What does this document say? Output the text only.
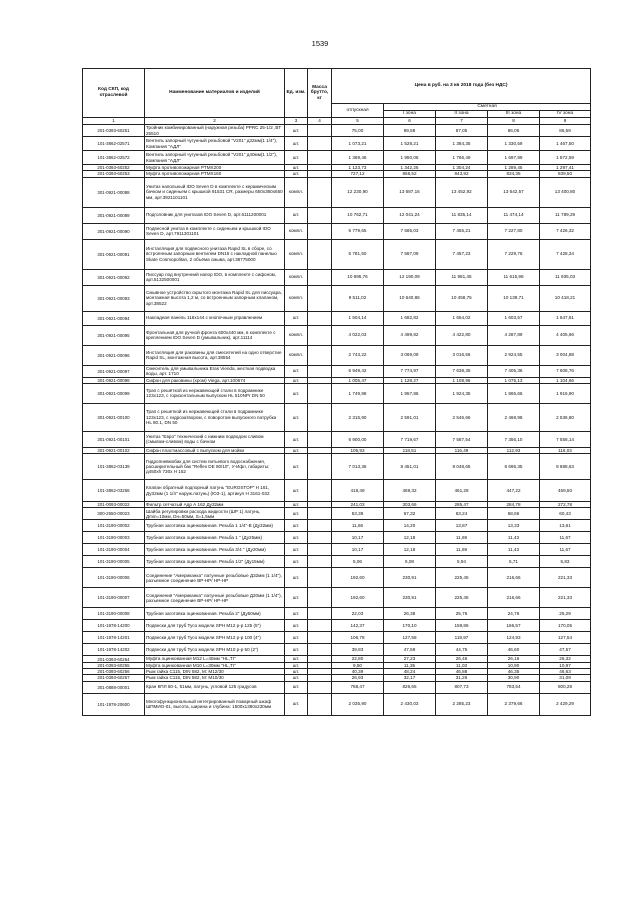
1539
Код СКП, код отраслевой	Наименование материалов и изделий	Ед. изм.	Масса брутто, кг	Цена в руб. на 3 кв 2018 года (без НДС)				
				отпускная	Сметная			
					I зона	II зона	III зона	IV зона
1	2	3	4	5	6	7	8	9
201-0393-60251	Тройник комбинированный (наружная резьба) PPRC 25-1/2 ,BT 25510	шт.		75,00	89,58	87,05	86,06	86,59
101-3862-02571	Вентиль запорный чугунный резьбовой "V201" д32мм(1 1/4"), Компания "АДЛ"	шт.		1 073,21	1 528,21	1 384,35	1 330,59	1 467,50
101-3862-02572	Вентиль запорный чугунный резьбовой "V201" д40мм(1 1/2"), Компания "АДЛ"	шт.		1 369,46	1 950,06	1 766,49	1 697,89	1 872,59
201-0393-60252	Муфта противопожарная PTMX200	шт.		1 123,73	1 342,25	1 304,24	1 289,45	1 297,41
201-0393-60253	Муфта противопожарная PTMX160	шт.		727,12	868,52	843,92	834,35	839,50
301-0921-00088	Унитаз напольный IDO Seven D в комплекте с керамическим бачком и сиденьем с крышкой 91531 CR, размеры 650x360x650 мм, арт.3921101101	компл.		12 230,90	13 687,16	13 452,92	13 642,57	13 400,80
301-0921-00089	Подголовник для унитазов IDO Seven D, арт.6111200001	шт.		10 762,71	12 041,24	11 835,14	11 474,14	11 789,29
301-0921-00090	Подвесной унитаз в комплекте с сиденьем и крышкой IDO Seven D, арт.7911301101	компл.		6 779,65	7 585,03	7 455,21	7 227,80	7 426,32
301-0921-00091	Инсталляция для подвесного унитаза Rapid SL в сборе, со встроенным запорным вентилем DN15 с накладной панелью Skate Cosmopolitan, 2 объёма смыва, арт.38775000	компл.		6 781,50	7 587,09	7 457,23	7 229,76	7 428,34
301-0921-00092	Писсуар под внутренний напор IDO, в комплекте с сифоном, арт.5132500001	компл.		10 895,76	12 190,09	11 981,45	11 615,98	11 935,03
301-0921-00093	Смывное устройство скрытого монтажа Rapid SL для писсуара, монтажная высота 1,2 м, со встроенным запорным клапаном, арт.38522	компл.		9 511,02	10 640,86	10 458,75	10 139,71	10 418,21
301-0921-00094	Накладная панель 116x144 с кнопочным управлением	шт.		1 504,14	1 682,82	1 654,02	1 603,57	1 647,61
301-0921-00095	Фронтальная для ручной фронта 600x440 мм, в комплекте с креплением IDO Seven D (умывальник), арт.11114	компл.		4 022,03	4 499,82	4 422,80	4 287,89	4 405,66
301-0921-00096	Инсталляция для раковины для смесителей на одно отверстие Rapid SL, монтажная высота, арт.38554	компл.		2 743,22	3 069,09	3 016,56	2 924,55	3 004,88
301-0921-00097	Смеситель для умывальника Eras Vienda, жесткая подводка воды, арт. 1710	шт.		6 949,42	7 774,97	7 638,35	7 405,36	7 608,76
301-0921-00098	Сифон для раковины (хром) Viega, арт.100674	шт.		1 005,47	1 128,27	1 108,96	1 075,13	1 104,66
301-0921-00099	Трап с решёткой из нержавеющей стали в подрамнике 123x123, с горизонтальным выпуском HL 510NPr DN 50	шт.		1 749,98	1 957,86	1 924,35	1 865,66	1 916,90
301-0921-00100	Трап с решеткой из нержавеющей стали в подрамнике 123x123, с гидрозатвором, с поворотом выпускного патрубка HL 80.1, DN 50	шт.		2 315,90	2 591,01	2 546,66	2 468,98	2 536,80
301-0921-00101	Унитаз "Евро" технический с нижним подводом сливом (смывом-сливом) воды с бачком	шт.		6 900,00	7 719,67	7 587,54	7 356,10	7 558,14
301-0921-00102	Сифон пластмассовый с выпуском для мойки	шт.		105,93	118,51	116,49	112,93	116,03
101-3862-03139	Гидропневмобак для систем питьевого водоснабжения, расширительный бак "Reflex DE 80/10", У-Ифл, габариты: д450xh 730x H 152	шт.		7 013,36	8 451,01	8 048,65	8 695,35	8 888,63
101-3862-03256	Клапан обратный подпорный латунь "EUROSTOP" H 161, Ду32мм (1 1/4" наруж.латунь) (ЮЗ-1), артикул H 3161-032	шт.		418,49	469,32	461,28	447,22	459,50
201-0093-00022	Фильтр сетчатый Адр А 162 Ду32мм	шт.		241,03	303,66	285,47	284,78	272,78
300-2550-00023	Шайба регулировки расхода жидкости (ШР 1) латунь, Дmin=10мм, Dн=50мм, S=1,5мм	шт.		53,39	67,32	63,24	58,66	60,43
101-3190-00002	Трубная заготовка оцинкованная. Резьба 1 1/4"-В (Ду32мм)	шт.		11,66	14,20	13,87	13,33	13,61
101-3190-00003	Трубная заготовка оцинкованная. Резьба 1 " (Ду25мм)	шт.		10,17	12,18	11,69	11,43	11,67
101-3190-00004	Трубная заготовка оцинкованная. Резьба 3/4 " (Ду20мм)	шт.		10,17	12,18	11,69	11,43	11,67
101-3190-00005	Трубная заготовка оцинкованная. Резьба 1/2" (Ду15мм)	шт.		5,06	6,08	5,94	5,71	5,83
101-3190-00006	Соединение "Американка" латунные резьбовые Д32мм (1 1/4"), разъемное соединение ВР-НР/ НР-НР	шт.		192,60	230,91	225,45	216,66	221,33
101-3190-00007	Соединения "Американка" латунные резьбовые Д20мм (1 1/4"), разъемное соединение ВР-НР/ НР-НР	шт.		192,60	230,91	225,45	216,66	221,33
101-3190-00008	Трубная заготовка оцинкованная. Резьба 2" (Ду50мм)	шт.		22,03	26,38	25,76	24,76	25,29
101-1978-14200	Подвески для труб Tyco модели SPH M12 р-р 125 (5")	шт.		142,37	170,10	159,86	166,57	170,05
101-1978-14201	Подвески для труб Tyco модели SPH M12 р-р 100 (4")	шт.		106,78	127,58	119,97	124,93	127,54
101-1978-14202	Подвески для труб Tyco модели SPH M10 р-р 50 (2")	шт.		39,83	47,59	44,75	46,60	47,57
201-0393-60254	Муфта оцинкованная M12 L=40мм "HL,TI"	шт.		22,80	27,23	26,46	26,16	26,32
201-0393-60255	Муфта оцинкованная M10 L=30мм "HL,TI"	шт.		9,50	11,35	11,03	10,90	10,97
201-0393-60256	Рым гайка С115, DIN 582, М: M12/30	шт.		40,39	48,24	46,88	46,35	46,63
201-0393-60257	Рым гайка С115, DIN 582, М: M10/30	шт.		26,93	32,17	31,26	30,90	31,09
301-0888-00001	Кран КПЛ 50-1, 51мм, латунь, угловой 125 градусов	шт.		768,47	826,65	807,73	783,54	800,28
101-1978-20600	Многофункциональный интегрированный пожарный шкаф ШПМИО-01, высота, ширина и глубина: 1500x1380x230мм	шт.		2 035,90	2 430,03	2 285,23	2 379,66	2 429,29
